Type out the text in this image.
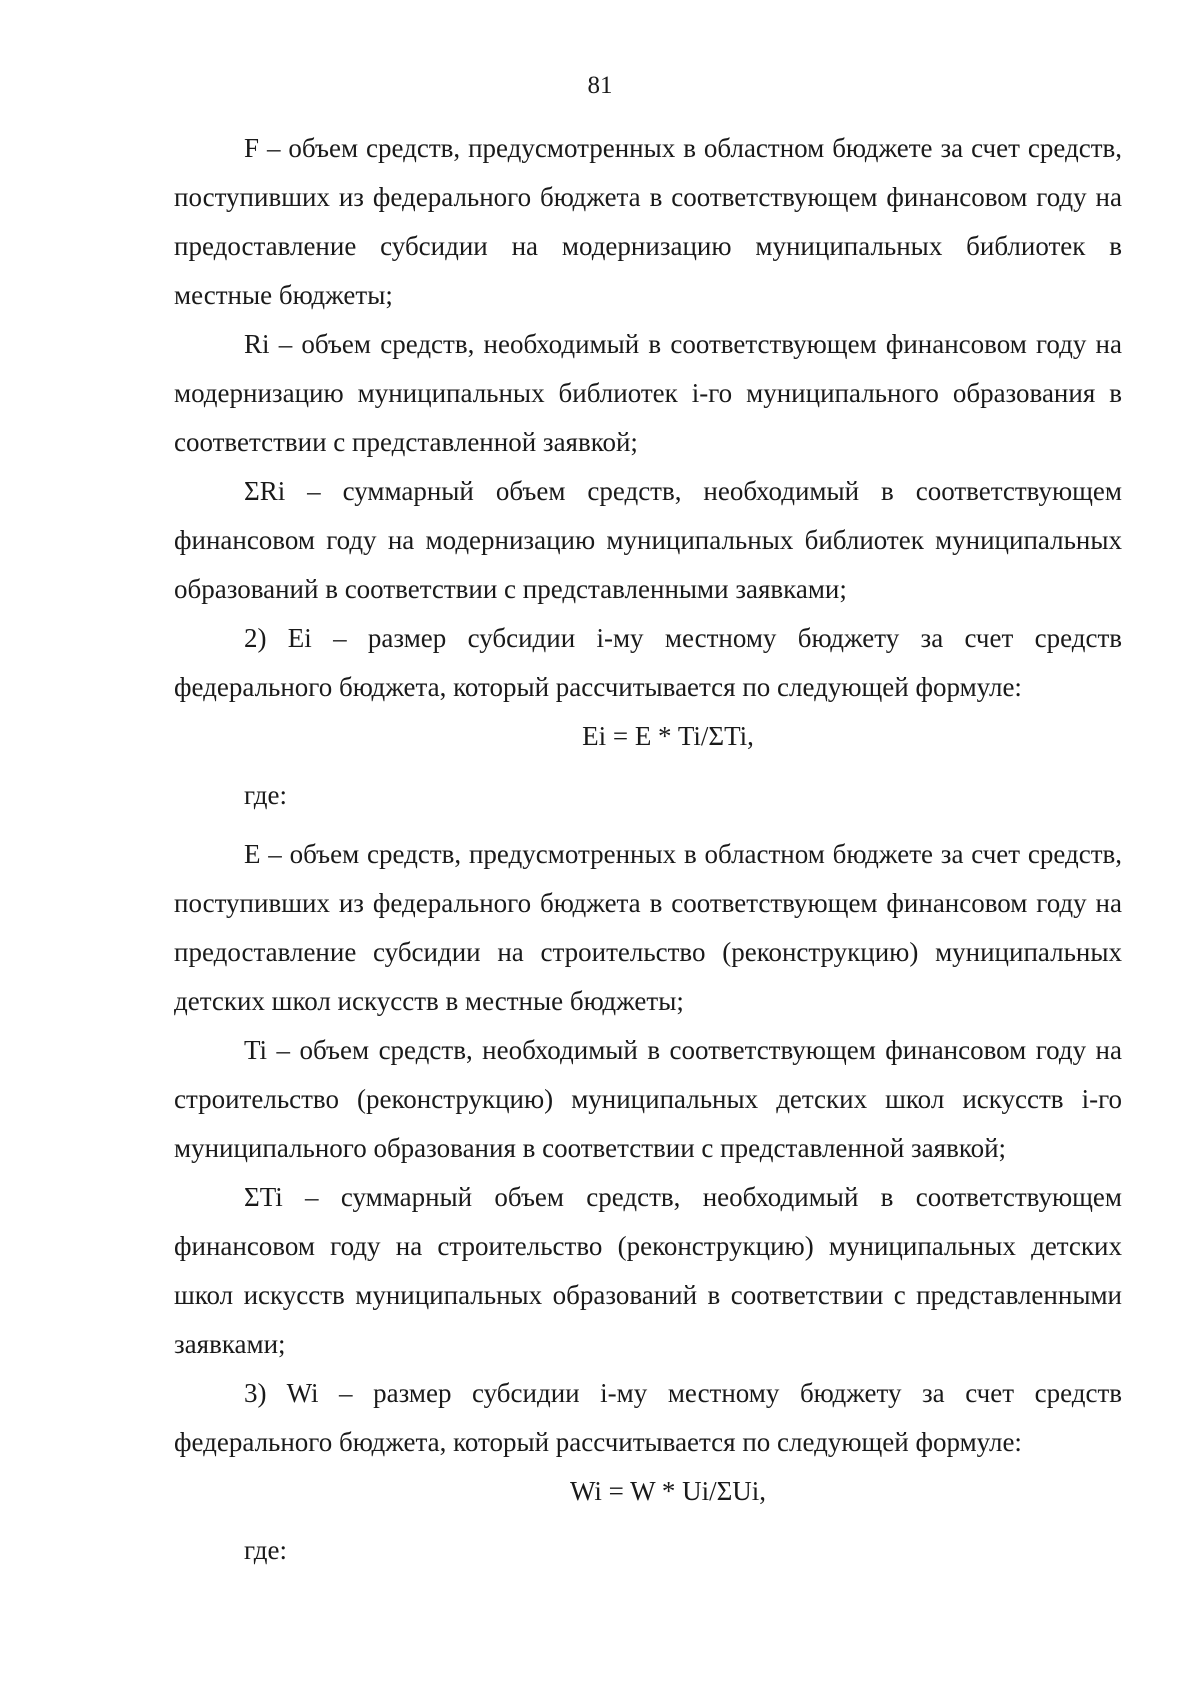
81

F – объем средств, предусмотренных в областном бюджете за счет средств, поступивших из федерального бюджета в соответствующем финансовом году на предоставление субсидии на модернизацию муниципальных библиотек в местные бюджеты;

Ri – объем средств, необходимый в соответствующем финансовом году на модернизацию муниципальных библиотек i-го муниципального образования в соответствии с представленной заявкой;

ΣRi – суммарный объем средств, необходимый в соответствующем финансовом году на модернизацию муниципальных библиотек муниципальных образований в соответствии с представленными заявками;

2) Ei – размер субсидии i-му местному бюджету за счет средств федерального бюджета, который рассчитывается по следующей формуле:

Ei = E * Ti/ΣTi,

где:

E – объем средств, предусмотренных в областном бюджете за счет средств, поступивших из федерального бюджета в соответствующем финансовом году на предоставление субсидии на строительство (реконструкцию) муниципальных детских школ искусств в местные бюджеты;

Ti – объем средств, необходимый в соответствующем финансовом году на строительство (реконструкцию) муниципальных детских школ искусств i-го муниципального образования в соответствии с представленной заявкой;

ΣTi – суммарный объем средств, необходимый в соответствующем финансовом году на строительство (реконструкцию) муниципальных детских школ искусств муниципальных образований в соответствии с представленными заявками;

3) Wi – размер субсидии i-му местному бюджету за счет средств федерального бюджета, который рассчитывается по следующей формуле:

Wi = W * Ui/ΣUi,

где:
